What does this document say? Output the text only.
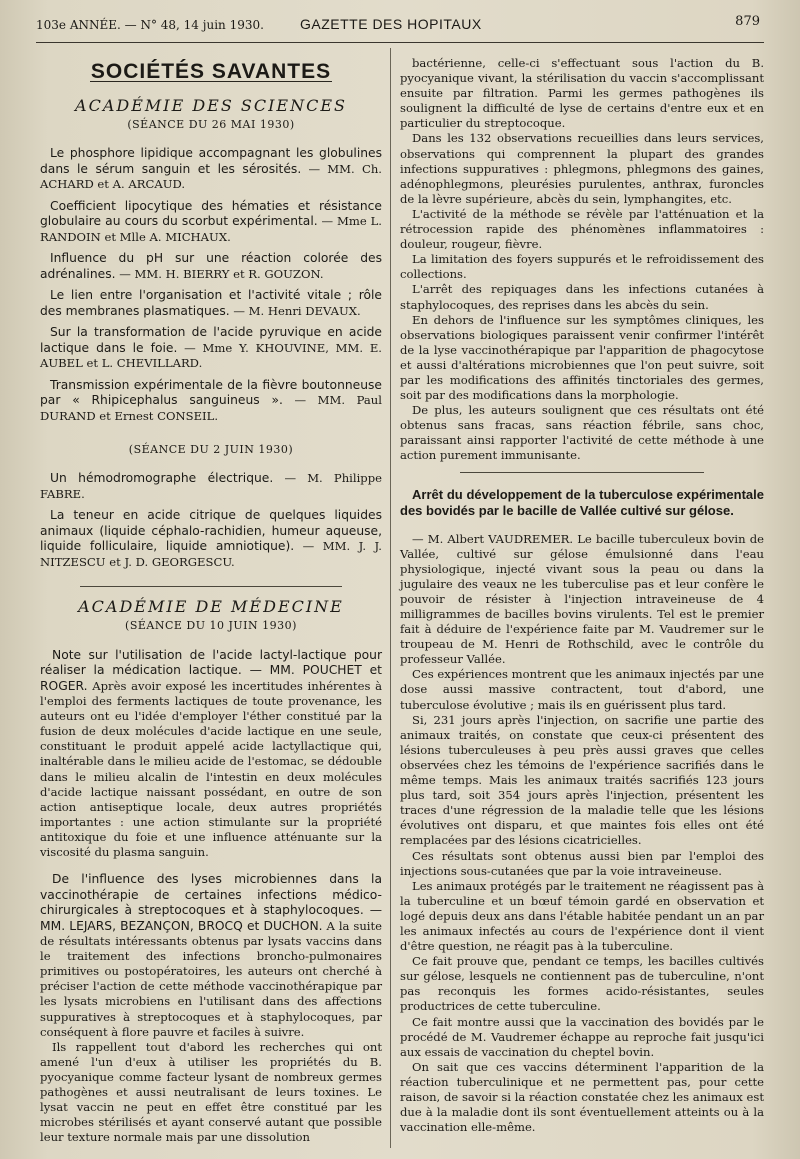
103e ANNÉE. — N° 48, 14 juin 1930.	GAZETTE DES HOPITAUX	879
SOCIÉTÉS SAVANTES
ACADÉMIE DES SCIENCES
(SÉANCE DU 26 MAI 1930)

Le phosphore lipidique accompagnant les globulines dans le sérum sanguin et les sérosités. — MM. Ch. ACHARD et A. ARCAUD.

Coefficient lipocytique des hématies et résistance globulaire au cours du scorbut expérimental. — Mme L. RANDOIN et Mlle A. MICHAUX.

Influence du pH sur une réaction colorée des adrénalines. — MM. H. BIERRY et R. GOUZON.

Le lien entre l'organisation et l'activité vitale ; rôle des membranes plasmatiques. — M. Henri DEVAUX.

Sur la transformation de l'acide pyruvique en acide lactique dans le foie. — Mme Y. KHOUVINE, MM. E. AUBEL et L. CHEVILLARD.

Transmission expérimentale de la fièvre boutonneuse par « Rhipicephalus sanguineus ». — MM. Paul DURAND et Ernest CONSEIL.

(SÉANCE DU 2 JUIN 1930)

Un hémodromographe électrique. — M. Philippe FABRE.

La teneur en acide citrique de quelques liquides animaux (liquide céphalo-rachidien, humeur aqueuse, liquide folliculaire, liquide amniotique). — MM. J. J. NITZESCU et J. D. GEORGESCU.

ACADÉMIE DE MÉDECINE
(SÉANCE DU 10 JUIN 1930)

Note sur l'utilisation de l'acide lactyl-lactique pour réaliser la médication lactique. — MM. POUCHET et ROGER. Après avoir exposé les incertitudes inhérentes à l'emploi des ferments lactiques de toute provenance, les auteurs ont eu l'idée d'employer l'éther constitué par la fusion de deux molécules d'acide lactique en une seule, constituant le produit appelé acide lactyllactique qui, inaltérable dans le milieu acide de l'estomac, se dédouble dans le milieu alcalin de l'intestin en deux molécules d'acide lactique naissant possédant, en outre de son action antiseptique locale, deux autres propriétés importantes : une action stimulante sur la propriété antitoxique du foie et une influence atténuante sur la viscosité du plasma sanguin.

De l'influence des lyses microbiennes dans la vaccinothérapie de certaines infections médico-chirurgicales à streptocoques et à staphylocoques. — MM. LEJARS, BEZANÇON, BROCQ et DUCHON. A la suite de résultats intéressants obtenus par lysats vaccins dans le traitement des infections broncho-pulmonaires primitives ou postopératoires, les auteurs ont cherché à préciser l'action de cette méthode vaccinothérapique par les lysats microbiens en l'utilisant dans des affections suppuratives à streptocoques et à staphylocoques, par conséquent à flore pauvre et faciles à suivre.

Ils rappellent tout d'abord les recherches qui ont amené l'un d'eux à utiliser les propriétés du B. pyocyanique comme facteur lysant de nombreux germes pathogènes et aussi neutralisant de leurs toxines. Le lysat vaccin ne peut en effet être constitué par les microbes stérilisés et ayant conservé autant que possible leur texture normale mais par une dissolution

bactérienne, celle-ci s'effectuant sous l'action du B. pyocyanique vivant, la stérilisation du vaccin s'accomplissant ensuite par filtration. Parmi les germes pathogènes ils soulignent la difficulté de lyse de certains d'entre eux et en particulier du streptocoque.

Dans les 132 observations recueillies dans leurs services, observations qui comprennent la plupart des grandes infections suppuratives : phlegmons, phlegmons des gaines, adénophlegmons, pleurésies purulentes, anthrax, furoncles de la lèvre supérieure, abcès du sein, lymphangites, etc.

L'activité de la méthode se révèle par l'atténuation et la rétrocession rapide des phénomènes inflammatoires : douleur, rougeur, fièvre.

La limitation des foyers suppurés et le refroidissement des collections.

L'arrêt des repiquages dans les infections cutanées à staphylocoques, des reprises dans les abcès du sein.

En dehors de l'influence sur les symptômes cliniques, les observations biologiques paraissent venir confirmer l'intérêt de la lyse vaccinothérapique par l'apparition de phagocytose et aussi d'altérations microbiennes que l'on peut suivre, soit par les modifications des affinités tinctoriales des germes, soit par des modifications dans la morphologie.

De plus, les auteurs soulignent que ces résultats ont été obtenus sans fracas, sans réaction fébrile, sans choc, paraissant ainsi rapporter l'activité de cette méthode à une action purement immunisante.

Arrêt du développement de la tuberculose expérimentale des bovidés par le bacille de Vallée cultivé sur gélose.

— M. Albert VAUDREMER. Le bacille tuberculeux bovin de Vallée, cultivé sur gélose émulsionné dans l'eau physiologique, injecté vivant sous la peau ou dans la jugulaire des veaux ne les tuberculise pas et leur confère le pouvoir de résister à l'injection intraveineuse de 4 milligrammes de bacilles bovins virulents. Tel est le premier fait à déduire de l'expérience faite par M. Vaudremer sur le troupeau de M. Henri de Rothschild, avec le contrôle du professeur Vallée.

Ces expériences montrent que les animaux injectés par une dose aussi massive contractent, tout d'abord, une tuberculose évolutive ; mais ils en guérissent plus tard.

Si, 231 jours après l'injection, on sacrifie une partie des animaux traités, on constate que ceux-ci présentent des lésions tuberculeuses à peu près aussi graves que celles observées chez les témoins de l'expérience sacrifiés dans le même temps. Mais les animaux traités sacrifiés 123 jours plus tard, soit 354 jours après l'injection, présentent les traces d'une régression de la maladie telle que les lésions évolutives ont disparu, et que maintes fois elles ont été remplacées par des lésions cicatricielles.

Ces résultats sont obtenus aussi bien par l'emploi des injections sous-cutanées que par la voie intraveineuse.

Les animaux protégés par le traitement ne réagissent pas à la tuberculine et un bœuf témoin gardé en observation et logé depuis deux ans dans l'étable habitée pendant un an par les animaux infectés au cours de l'expérience dont il vient d'être question, ne réagit pas à la tuberculine.

Ce fait prouve que, pendant ce temps, les bacilles cultivés sur gélose, lesquels ne contiennent pas de tuberculine, n'ont pas reconquis les formes acido-résistantes, seules productrices de cette tuberculine.

Ce fait montre aussi que la vaccination des bovidés par le procédé de M. Vaudremer échappe au reproche fait jusqu'ici aux essais de vaccination du cheptel bovin.

On sait que ces vaccins déterminent l'apparition de la réaction tuberculinique et ne permettent pas, pour cette raison, de savoir si la réaction constatée chez les animaux est due à la maladie dont ils sont éventuellement atteints ou à la vaccination elle-même.
